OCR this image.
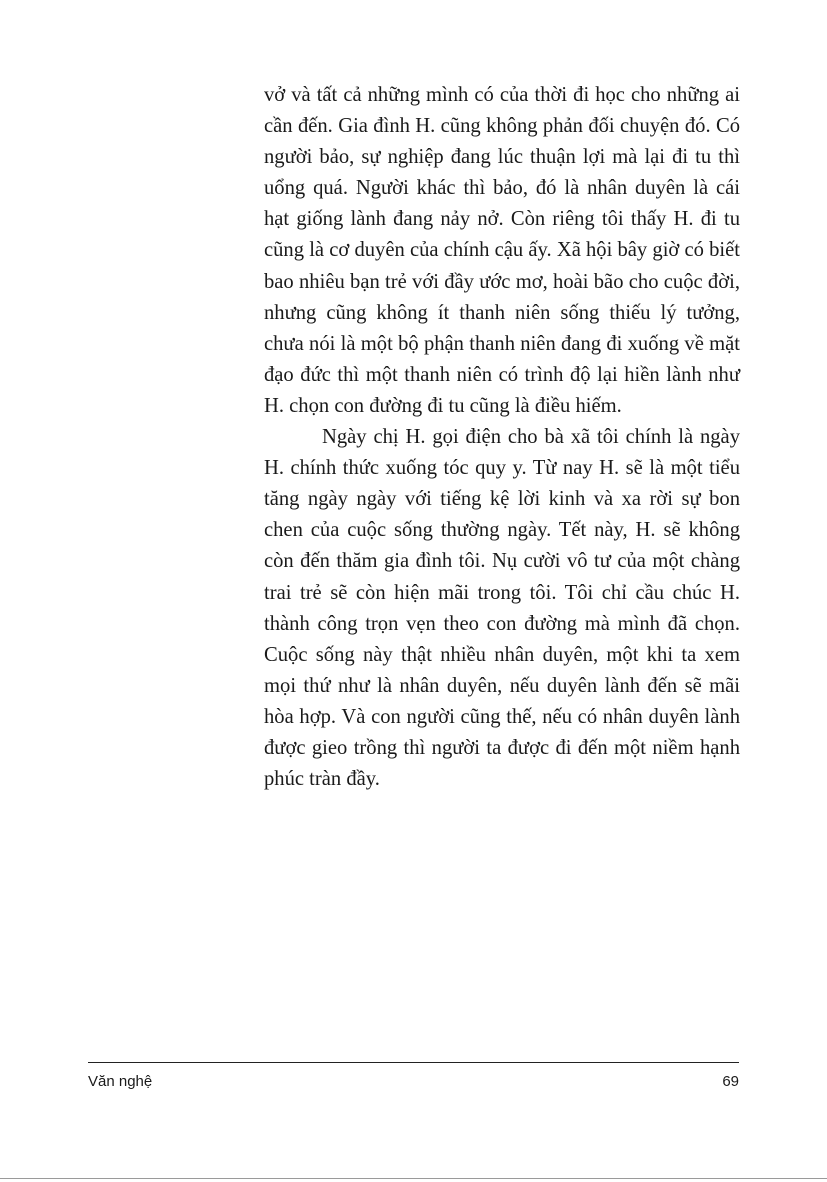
vở và tất cả những mình có của thời đi học cho những ai cần đến. Gia đình H. cũng không phản đối chuyện đó. Có người bảo, sự nghiệp đang lúc thuận lợi mà lại đi tu thì uổng quá. Người khác thì bảo, đó là nhân duyên là cái hạt giống lành đang nảy nở. Còn riêng tôi thấy H. đi tu cũng là cơ duyên của chính cậu ấy. Xã hội bây giờ có biết bao nhiêu bạn trẻ với đầy ước mơ, hoài bão cho cuộc đời, nhưng cũng không ít thanh niên sống thiếu lý tưởng, chưa nói là một bộ phận thanh niên đang đi xuống về mặt đạo đức thì một thanh niên có trình độ lại hiền lành như H. chọn con đường đi tu cũng là điều hiếm.

Ngày chị H. gọi điện cho bà xã tôi chính là ngày H. chính thức xuống tóc quy y. Từ nay H. sẽ là một tiểu tăng ngày ngày với tiếng kệ lời kinh và xa rời sự bon chen của cuộc sống thường ngày. Tết này, H. sẽ không còn đến thăm gia đình tôi. Nụ cười vô tư của một chàng trai trẻ sẽ còn hiện mãi trong tôi. Tôi chỉ cầu chúc H. thành công trọn vẹn theo con đường mà mình đã chọn. Cuộc sống này thật nhiều nhân duyên, một khi ta xem mọi thứ như là nhân duyên, nếu duyên lành đến sẽ mãi hòa hợp. Và con người cũng thế, nếu có nhân duyên lành được gieo trồng thì người ta được đi đến một niềm hạnh phúc tràn đầy.

Văn nghệ	69
